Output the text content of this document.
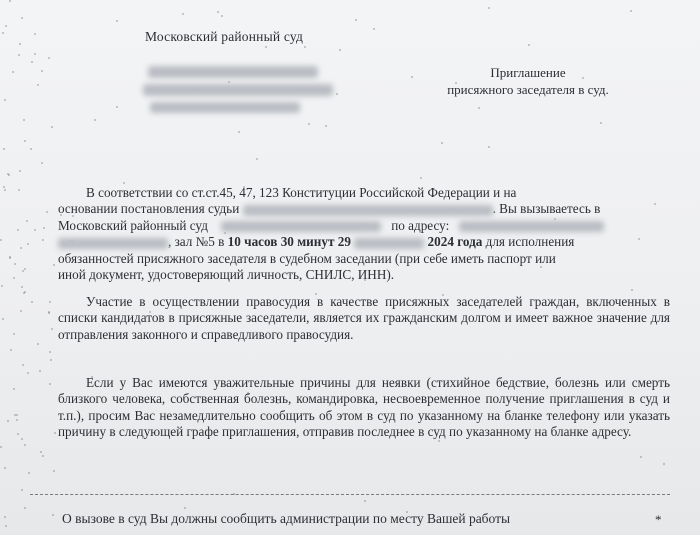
Московский районный суд
Приглашение
присяжного заседателя в суд.
В соответствии со ст.ст.45, 47, 123 Конституции Российской Федерации и на
основании постановления судьи	. Вы вызываетесь в
Московский районный суд	по адресу:
, зал №5 в 10 часов 30 минут 29	2024 года для исполнения
обязанностей присяжного заседателя в судебном заседании (при себе иметь паспорт или
иной документ, удостоверяющий личность, СНИЛС, ИНН).
Участие в осуществлении правосудия в качестве присяжных заседателей граждан, включенных в списки кандидатов в присяжные заседатели, является их гражданским долгом и имеет важное значение для отправления законного и справедливого правосудия.
Если у Вас имеются уважительные причины для неявки (стихийное бедствие, болезнь или смерть близкого человека, собственная болезнь, командировка, несвоевременное получение приглашения в суд и т.п.), просим Вас незамедлительно сообщить об этом в суд по указанному на бланке телефону или указать причину в следующей графе приглашения, отправив последнее в суд по указанному на бланке адресу.
О вызове в суд Вы должны сообщить администрации по месту Вашей работы	*
